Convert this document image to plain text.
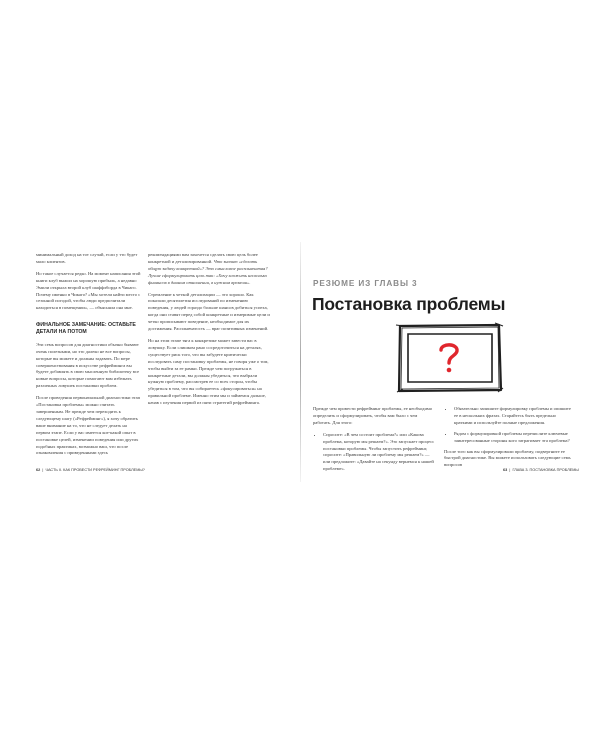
минимальный доход на тот случай, если у тто будет мало клиентов.

Но такое случается редко. На момент написания этой книги клуб выжил на хорошую прибыль, а недавно Эмили открыла второй клуб шаффлборда в Чикаго. Почему именно в Чикаго? «Мы хотели найти место с сезонной погодой, чтобы люди предпочитали находиться в помещении», — объясняла она мне.

ФИНАЛЬНОЕ ЗАМЕЧАНИЕ: ОСТАВЬТЕ ДЕТАЛИ НА ПОТОМ

Эти семь вопросов для диагностики обычно бывают очень полезными, но это далеко не все вопросы, которые вы можете и должны задавать. По мере совершенствования в искусстве рефрейминга вы будете добавлять в свою мысленную библиотеку все новые вопросы, которые помогают вам избежать различных ловушек постановки проблем.

После проведения первоначальной диагностики этап «Постановка проблемы» можно считать завершенным. Не прежде чем переходить к следующему шагу («Рефрейминг»), я хочу обратить ваше внимание на то, что не следует делать на первом этапе. Если у вас имеется кое-какой опыт в постановке целей, изменении поведения или других подобных практиках, возможно ваш, что после ознакомления с приведенными здесь

рекомендациями вам захочется сделать свою цель более конкретной и детализированной. Что значит «сделать общую задачу конкретной»? Это смысловое расплывчатая? Лучше сформулировать цель так: «Хочу вложить несколько финансов в данном отношении, в нужном времени».

Стремление к четкой детализации — это хорошо. Как показали десятилетия исследований по изменению поведения, у людей гораздо больше шансов добиться успеха, когда они ставят перед собой конкретные и измеримые цели и четко прописывают поведение, необходимое для их достижения. Расплывчатость — враг позитивных изменений.

Но на этом этапе тяга к конкретике может завести вас в ловушку. Если слишком рано сосредоточиться на деталях, существует риск того, что вы забудете критически исследовать саму постановку проблемы, не говоря уже о том, чтобы выйти за ее рамки. Прежде чем погружаться в конкретные детали, вы должны убедиться, что выбрали нужную проблему, рассмотрев ее со всех сторон, чтобы убедиться в том, что вы собираетесь «фокусироваться» на правильной проблеме. Именно этим мы и займемся дальше, начав с изучения первой из пяти стратегий рефрейминга.

62  |  ЧАСТЬ II. КАК ПРОВЕСТИ РЕФРЕЙМИНГ ПРОБЛЕМЫ?
РЕЗЮМЕ ИЗ ГЛАВЫ 3
Постановка проблемы

Прежде чем провести рефрейминг проблемы, ее необходимо определить и сформулировать, чтобы вам было с чем работать. Для этого:

• Спросите: «В чем состоит проблема?» или «Какова проблема, которую мы решаем?». Это запускает процесс постановки проблемы. Чтобы запустить рефрейминг, спросите: «Правильную ли проблему мы решаем?» — или предложите: «Давайте на секунду вернемся к нашей проблеме».
• Обязательно запишите формулировку проблемы и опишите ее в нескольких фразах. Старайтесь быть предельно краткими и используйте полные предложения.
• Рядом с формулировкой проблемы перечислите ключевые заинтересованные стороны кого затрагивает эта проблема?

После того как вы сформулировали проблему, подвергните ее быстрой диагностике. Вы можете использовать следующие семь вопросов

63  |  ГЛАВА 3. ПОСТАНОВКА ПРОБЛЕМЫ
